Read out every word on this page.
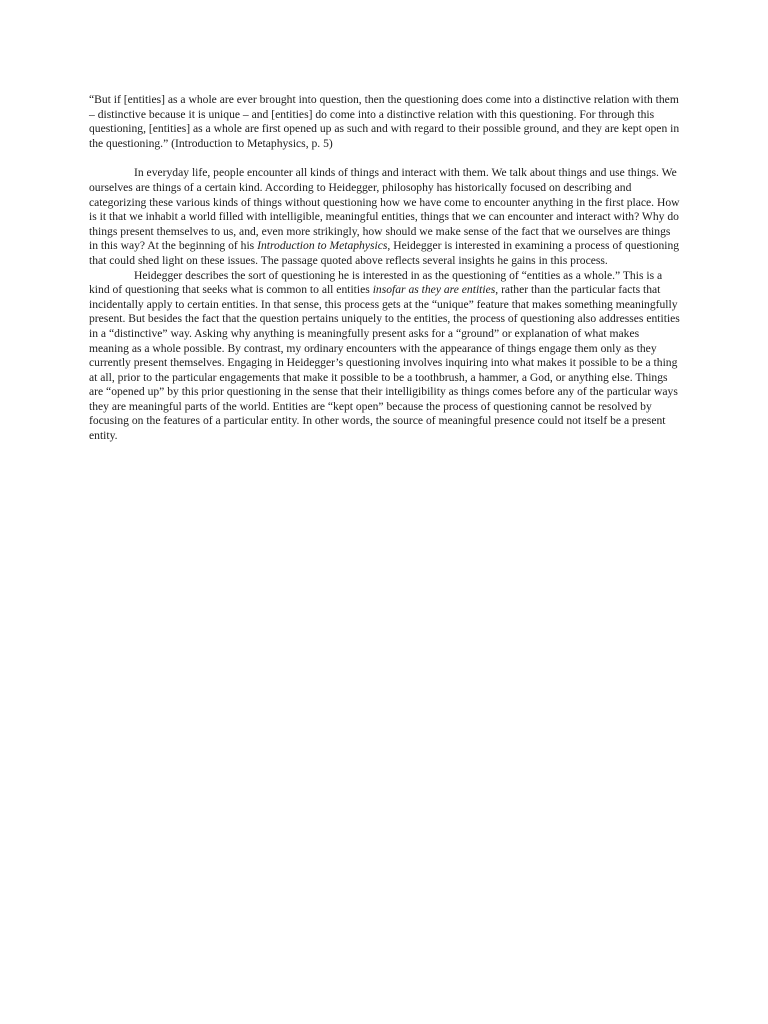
“But if [entities] as a whole are ever brought into question, then the questioning does come into a distinctive relation with them – distinctive because it is unique – and [entities] do come into a distinctive relation with this questioning. For through this questioning, [entities] as a whole are first opened up as such and with regard to their possible ground, and they are kept open in the questioning.” (Introduction to Metaphysics, p. 5)

In everyday life, people encounter all kinds of things and interact with them. We talk about things and use things. We ourselves are things of a certain kind. According to Heidegger, philosophy has historically focused on describing and categorizing these various kinds of things without questioning how we have come to encounter anything in the first place. How is it that we inhabit a world filled with intelligible, meaningful entities, things that we can encounter and interact with? Why do things present themselves to us, and, even more strikingly, how should we make sense of the fact that we ourselves are things in this way? At the beginning of his Introduction to Metaphysics, Heidegger is interested in examining a process of questioning that could shed light on these issues. The passage quoted above reflects several insights he gains in this process.

Heidegger describes the sort of questioning he is interested in as the questioning of “entities as a whole.” This is a kind of questioning that seeks what is common to all entities insofar as they are entities, rather than the particular facts that incidentally apply to certain entities. In that sense, this process gets at the “unique” feature that makes something meaningfully present. But besides the fact that the question pertains uniquely to the entities, the process of questioning also addresses entities in a “distinctive” way. Asking why anything is meaningfully present asks for a “ground” or explanation of what makes meaning as a whole possible. By contrast, my ordinary encounters with the appearance of things engage them only as they currently present themselves. Engaging in Heidegger’s questioning involves inquiring into what makes it possible to be a thing at all, prior to the particular engagements that make it possible to be a toothbrush, a hammer, a God, or anything else. Things are “opened up” by this prior questioning in the sense that their intelligibility as things comes before any of the particular ways they are meaningful parts of the world. Entities are “kept open” because the process of questioning cannot be resolved by focusing on the features of a particular entity. In other words, the source of meaningful presence could not itself be a present entity.
